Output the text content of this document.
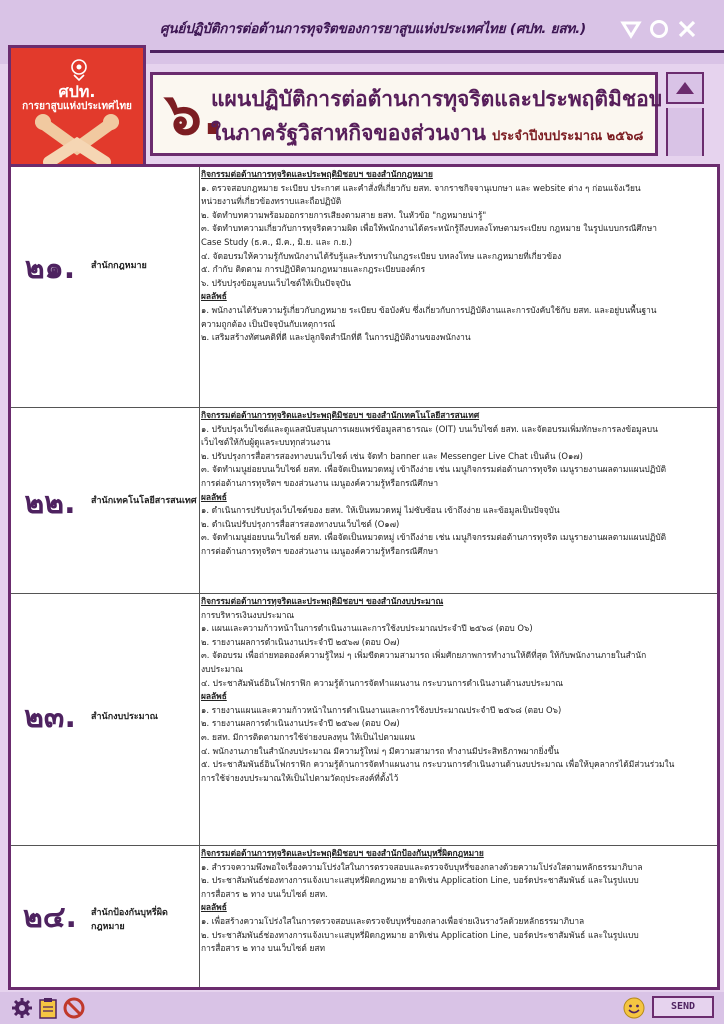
ศูนย์ปฏิบัติการต่อต้านการทุจริตของการยาสูบแห่งประเทศไทย (ศปท. ยสท.)
ศปท.
การยาสูบแห่งประเทศไทย ๖.
แผนปฏิบัติการต่อต้านการทุจริตและประพฤติมิชอบ
ในภาครัฐวิสาหกิจของส่วนงาน ประจำปีงบประมาณ ๒๕๖๘
๒๑.	สำนักกฎหมาย

กิจกรรมต่อต้านการทุจริตและประพฤติมิชอบฯ ของสำนักกฎหมาย

๑. ตรวจสอบกฎหมาย ระเบียบ ประกาศ และคำสั่งที่เกี่ยวกับ ยสท. จากราชกิจจานุเบกษา และ website ต่าง ๆ ก่อนแจ้งเวียน

หน่วยงานที่เกี่ยวข้องทราบและถือปฏิบัติ

๒. จัดทำบทความพร้อมออกรายการเสียงตามสาย ยสท. ในหัวข้อ "กฎหมายน่ารู้"

๓. จัดทำบทความเกี่ยวกับการทุจริตความผิด เพื่อให้พนักงานได้ตระหนักรู้ถึงบทลงโทษตามระเบียบ กฎหมาย ในรูปแบบกรณีศึกษา

Case Study (ธ.ค., มี.ค., มิ.ย. และ ก.ย.)

๔. จัดอบรมให้ความรู้กับพนักงานได้รับรู้และรับทราบในกฎระเบียบ บทลงโทษ และกฎหมายที่เกี่ยวข้อง

๕. กำกับ ติดตาม การปฏิบัติตามกฎหมายและกฎระเบียบองค์กร

๖. ปรับปรุงข้อมูลบนเว็บไซต์ให้เป็นปัจจุบัน

ผลลัพธ์

๑. พนักงานได้รับความรู้เกี่ยวกับกฎหมาย ระเบียบ ข้อบังคับ ซึ่งเกี่ยวกับการปฏิบัติงานและการบังคับใช้กับ ยสท. และอยู่บนพื้นฐาน

ความถูกต้อง เป็นปัจจุบันกับเหตุการณ์

๒. เสริมสร้างทัศนคติที่ดี และปลูกจิตสำนึกที่ดี ในการปฏิบัติงานของพนักงาน

๒๒.	สำนักเทคโนโลยีสารสนเทศ

กิจกรรมต่อต้านการทุจริตและประพฤติมิชอบฯ ของสำนักเทคโนโลยีสารสนเทศ

๑. ปรับปรุงเว็บไซต์และดูแลสนับสนุนการเผยแพร่ข้อมูลสาธารณะ (OIT) บนเว็บไซต์ ยสท. และจัดอบรมเพิ่มทักษะการลงข้อมูลบน

เว็บไซต์ให้กับผู้ดูแลระบบทุกส่วนงาน

๒. ปรับปรุงการสื่อสารสองทางบนเว็บไซต์ เช่น จัดทำ banner และ Messenger Live Chat เป็นต้น (O๑๗)

๓. จัดทำเมนูย่อยบนเว็บไซต์ ยสท. เพื่อจัดเป็นหมวดหมู่ เข้าถึงง่าย เช่น เมนูกิจกรรมต่อต้านการทุจริต เมนูรายงานผลตามแผนปฏิบัติ

การต่อต้านการทุจริตฯ ของส่วนงาน เมนูองค์ความรู้หรือกรณีศึกษา

ผลลัพธ์

๑. ดำเนินการปรับปรุงเว็บไซต์ของ ยสท. ให้เป็นหมวดหมู่ ไม่ซับซ้อน เข้าถึงง่าย และข้อมูลเป็นปัจจุบัน

๒. ดำเนินปรับปรุงการสื่อสารสองทางบนเว็บไซต์ (O๑๗)

๓. จัดทำเมนูย่อยบนเว็บไซต์ ยสท. เพื่อจัดเป็นหมวดหมู่ เข้าถึงง่าย เช่น เมนูกิจกรรมต่อต้านการทุจริต เมนูรายงานผลตามแผนปฏิบัติ

การต่อต้านการทุจริตฯ ของส่วนงาน เมนูองค์ความรู้หรือกรณีศึกษา

๒๓.	สำนักงบประมาณ

กิจกรรมต่อต้านการทุจริตและประพฤติมิชอบฯ ของสำนักงบประมาณ

การบริหารเงินงบประมาณ

๑. แผนและความก้าวหน้าในการดำเนินงานและการใช้งบประมาณประจำปี ๒๕๖๘ (ตอบ O๖)

๒. รายงานผลการดำเนินงานประจำปี ๒๕๖๗ (ตอบ O๗)

๓. จัดอบรม เพื่อถ่ายทอดองค์ความรู้ใหม่ ๆ เพิ่มขีดความสามารถ เพิ่มศักยภาพการทำงานให้ดีที่สุด ให้กับพนักงานภายในสำนัก

งบประมาณ

๔. ประชาสัมพันธ์อินโฟกราฟิก ความรู้ด้านการจัดทำแผนงาน กระบวนการดำเนินงานด้านงบประมาณ

ผลลัพธ์

๑. รายงานแผนและความก้าวหน้าในการดำเนินงานและการใช้งบประมาณประจำปี ๒๕๖๘ (ตอบ O๖)

๒. รายงานผลการดำเนินงานประจำปี ๒๕๖๗ (ตอบ O๗)

๓. ยสท. มีการติดตามการใช้จ่ายงบลงทุน ให้เป็นไปตามแผน

๔. พนักงานภายในสำนักงบประมาณ มีความรู้ใหม่ ๆ มีความสามารถ ทำงานมีประสิทธิภาพมากยิ่งขึ้น

๕. ประชาสัมพันธ์อินโฟกราฟิก ความรู้ด้านการจัดทำแผนงาน กระบวนการดำเนินงานด้านงบประมาณ เพื่อให้บุคลากรได้มีส่วนร่วมใน

การใช้จ่ายงบประมาณให้เป็นไปตามวัตถุประสงค์ที่ตั้งไว้

๒๔.	สำนักป้องกันบุหรี่ผิดกฎหมาย

กิจกรรมต่อต้านการทุจริตและประพฤติมิชอบฯ ของสำนักป้องกันบุหรี่ผิดกฎหมาย

๑. สำรวจความพึงพอใจเรื่องความโปร่งใสในการตรวจสอบและตรวจจับบุหรี่ของกลางด้วยความโปร่งใสตามหลักธรรมาภิบาล

๒. ประชาสัมพันธ์ช่องทางการแจ้งเบาะแสบุหรี่ผิดกฎหมาย อาทิเช่น Application Line, บอร์ดประชาสัมพันธ์ และในรูปแบบ

การสื่อสาร ๒ ทาง บนเว็บไซต์ ยสท.

ผลลัพธ์

๑. เพื่อสร้างความโปร่งใสในการตรวจสอบและตรวจจับบุหรี่ของกลางเพื่อจ่ายเงินรางวัลด้วยหลักธรรมาภิบาล

๒. ประชาสัมพันธ์ช่องทางการแจ้งเบาะแสบุหรี่ผิดกฎหมาย อาทิเช่น Application Line, บอร์ดประชาสัมพันธ์ และในรูปแบบ

การสื่อสาร ๒ ทาง บนเว็บไซต์ ยสท

SEND
